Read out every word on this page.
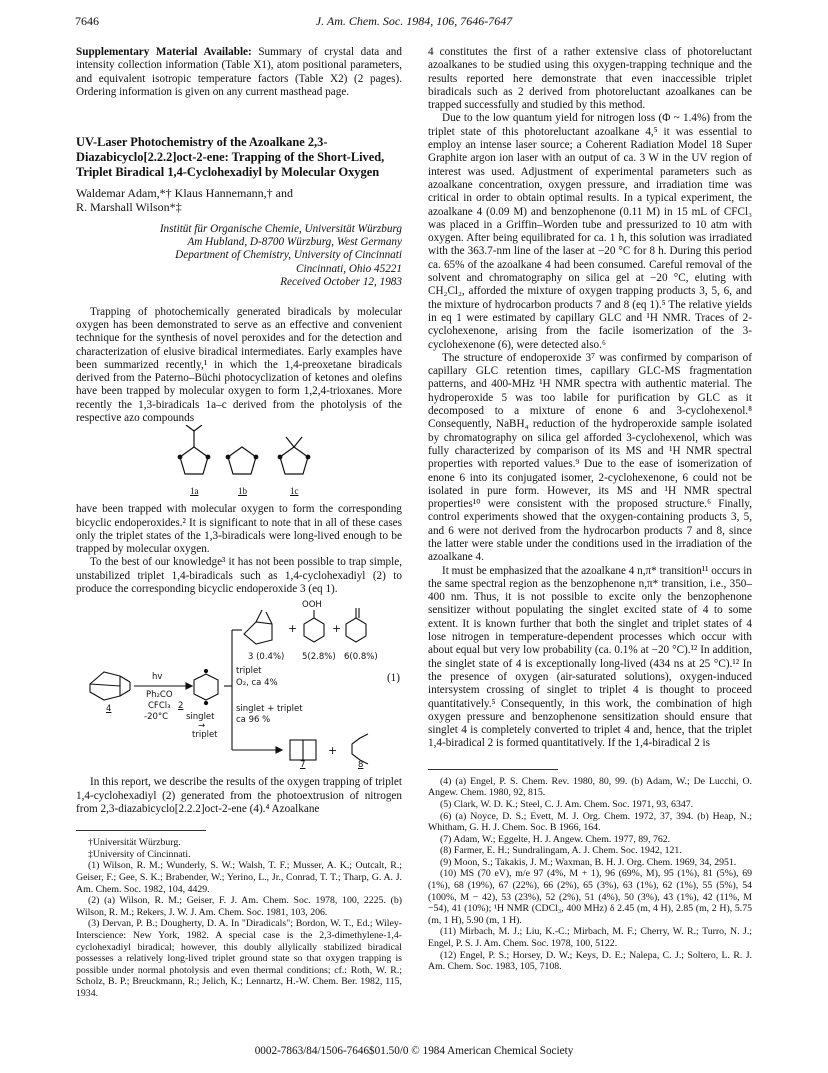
7646	J. Am. Chem. Soc. 1984, 106, 7646-7647

Supplementary Material Available: Summary of crystal data and intensity collection information (Table X1), atom positional parameters, and equivalent isotropic temperature factors (Table X2) (2 pages). Ordering information is given on any current masthead page.

UV-Laser Photochemistry of the Azoalkane 2,3-Diazabicyclo[2.2.2]oct-2-ene: Trapping of the Short-Lived, Triplet Biradical 1,4-Cyclohexadiyl by Molecular Oxygen
Waldemar Adam,*† Klaus Hannemann,† and
R. Marshall Wilson*‡
Institüt für Organische Chemie, Universität Würzburg
Am Hubland, D-8700 Würzburg, West Germany
Department of Chemistry, University of Cincinnati
Cincinnati, Ohio 45221
Received October 12, 1983

Trapping of photochemically generated biradicals by molecular oxygen has been demonstrated to serve as an effective and convenient technique for the synthesis of novel peroxides and for the detection and characterization of elusive biradical intermediates. Early examples have been summarized recently,¹ in which the 1,4-preoxetane biradicals derived from the Paterno–Büchi photocyclization of ketones and olefins have been trapped by molecular oxygen to form 1,2,4-trioxanes. More recently the 1,3-biradicals 1a–c derived from the photolysis of the respective azo compounds

1a	1b	1c

have been trapped with molecular oxygen to form the corresponding bicyclic endoperoxides.² It is significant to note that in all of these cases only the triplet states of the 1,3-biradicals were long-lived enough to be trapped by molecular oxygen.

To the best of our knowledge³ it has not been possible to trap simple, unstabilized triplet 1,4-biradicals such as 1,4-cyclohexadiyl (2) to produce the corresponding bicyclic endoperoxide 3 (eq 1).

OOH
+	+
3 (0.4%) 5(2.8%) 6(0.8%)
triplet
O₂, ca 4%
hv
Ph₂CO
CFCl₃
-20°C singlet
→
triplet
4	2	singlet + triplet
ca 96 %
7
+
8
(1)

In this report, we describe the results of the oxygen trapping of triplet 1,4-cyclohexadiyl (2) generated from the photoextrusion of nitrogen from 2,3-diazabicyclo[2.2.2]oct-2-ene (4).⁴ Azoalkane

†Universität Würzburg.

‡University of Cincinnati.

(1) Wilson, R. M.; Wunderly, S. W.; Walsh, T. F.; Musser, A. K.; Outcalt, R.; Geiser, F.; Gee, S. K.; Brabender, W.; Yerino, L., Jr., Conrad, T. T.; Tharp, G. A. J. Am. Chem. Soc. 1982, 104, 4429.

(2) (a) Wilson, R. M.; Geiser, F. J. Am. Chem. Soc. 1978, 100, 2225. (b) Wilson, R. M.; Rekers, J. W. J. Am. Chem. Soc. 1981, 103, 206.

(3) Dervan, P. B.; Dougherty, D. A. In "Diradicals"; Bordon, W. T., Ed.; Wiley-Interscience: New York, 1982. A special case is the 2,3-dimethylene-1,4-cyclohexadiyl biradical; however, this doubly allylically stabilized biradical possesses a relatively long-lived triplet ground state so that oxygen trapping is possible under normal photolysis and even thermal conditions; cf.: Roth, W. R.; Scholz, B. P.; Breuckmann, R.; Jelich, K.; Lennartz, H.-W. Chem. Ber. 1982, 115, 1934.

4 constitutes the first of a rather extensive class of photoreluctant azoalkanes to be studied using this oxygen-trapping technique and the results reported here demonstrate that even inaccessible triplet biradicals such as 2 derived from photoreluctant azoalkanes can be trapped successfully and studied by this method.

Due to the low quantum yield for nitrogen loss (Φ ~ 1.4%) from the triplet state of this photoreluctant azoalkane 4,⁵ it was essential to employ an intense laser source; a Coherent Radiation Model 18 Super Graphite argon ion laser with an output of ca. 3 W in the UV region of interest was used. Adjustment of experimental parameters such as azoalkane concentration, oxygen pressure, and irradiation time was critical in order to obtain optimal results. In a typical experiment, the azoalkane 4 (0.09 M) and benzophenone (0.11 M) in 15 mL of CFCl₃ was placed in a Griffin–Worden tube and pressurized to 10 atm with oxygen. After being equilibrated for ca. 1 h, this solution was irradiated with the 363.7-nm line of the laser at −20 °C for 8 h. During this period ca. 65% of the azoalkane 4 had been consumed. Careful removal of the solvent and chromatography on silica gel at −20 °C, eluting with CH₂Cl₂, afforded the mixture of oxygen trapping products 3, 5, 6, and the mixture of hydrocarbon products 7 and 8 (eq 1).⁵ The relative yields in eq 1 were estimated by capillary GLC and ¹H NMR. Traces of 2-cyclohexenone, arising from the facile isomerization of the 3-cyclohexenone (6), were detected also.⁶

The structure of endoperoxide 3⁷ was confirmed by comparison of capillary GLC retention times, capillary GLC-MS fragmentation patterns, and 400-MHz ¹H NMR spectra with authentic material. The hydroperoxide 5 was too labile for purification by GLC as it decomposed to a mixture of enone 6 and 3-cyclohexenol.⁸ Consequently, NaBH₄ reduction of the hydroperoxide sample isolated by chromatography on silica gel afforded 3-cyclohexenol, which was fully characterized by comparison of its MS and ¹H NMR spectral properties with reported values.⁹ Due to the ease of isomerization of enone 6 into its conjugated isomer, 2-cyclohexenone, 6 could not be isolated in pure form. However, its MS and ¹H NMR spectral properties¹⁰ were consistent with the proposed structure.⁶ Finally, control experiments showed that the oxygen-containing products 3, 5, and 6 were not derived from the hydrocarbon products 7 and 8, since the latter were stable under the conditions used in the irradiation of the azoalkane 4.

It must be emphasized that the azoalkane 4 n,π* transition¹¹ occurs in the same spectral region as the benzophenone n,π* transition, i.e., 350–400 nm. Thus, it is not possible to excite only the benzophenone sensitizer without populating the singlet excited state of 4 to some extent. It is known further that both the singlet and triplet states of 4 lose nitrogen in temperature-dependent processes which occur with about equal but very low probability (ca. 0.1% at −20 °C).¹² In addition, the singlet state of 4 is exceptionally long-lived (434 ns at 25 °C).¹² In the presence of oxygen (air-saturated solutions), oxygen-induced intersystem crossing of singlet to triplet 4 is thought to proceed quantitatively.⁵ Consequently, in this work, the combination of high oxygen pressure and benzophenone sensitization should ensure that singlet 4 is completely converted to triplet 4 and, hence, that the triplet 1,4-biradical 2 is formed quantitatively. If the 1,4-biradical 2 is

(4) (a) Engel, P. S. Chem. Rev. 1980, 80, 99. (b) Adam, W.; De Lucchi, O. Angew. Chem. 1980, 92, 815.

(5) Clark, W. D. K.; Steel, C. J. Am. Chem. Soc. 1971, 93, 6347.

(6) (a) Noyce, D. S.; Evett, M. J. Org. Chem. 1972, 37, 394. (b) Heap, N.; Whitham, G. H. J. Chem. Soc. B 1966, 164.

(7) Adam, W.; Eggelte, H. J. Angew. Chem. 1977, 89, 762.

(8) Farmer, E. H.; Sundralingam, A. J. Chem. Soc. 1942, 121.

(9) Moon, S.; Takakis, J. M.; Waxman, B. H. J. Org. Chem. 1969, 34, 2951.

(10) MS (70 eV), m/e 97 (4%, M + 1), 96 (69%, M), 95 (1%), 81 (5%), 69 (1%), 68 (19%), 67 (22%), 66 (2%), 65 (3%), 63 (1%), 62 (1%), 55 (5%), 54 (100%, M − 42), 53 (23%), 52 (2%), 51 (4%), 50 (3%), 43 (1%), 42 (11%, M −54), 41 (10%); ¹H NMR (CDCl₃, 400 MHz) δ 2.45 (m, 4 H), 2.85 (m, 2 H), 5.75 (m, 1 H), 5.90 (m, 1 H).

(11) Mirbach, M. J.; Liu, K.-C.; Mirbach, M. F.; Cherry, W. R.; Turro, N. J.; Engel, P. S. J. Am. Chem. Soc. 1978, 100, 5122.

(12) Engel, P. S.; Horsey, D. W.; Keys, D. E.; Nalepa, C. J.; Soltero, L. R. J. Am. Chem. Soc. 1983, 105, 7108.

0002-7863/84/1506-7646$01.50/0 © 1984 American Chemical Society
